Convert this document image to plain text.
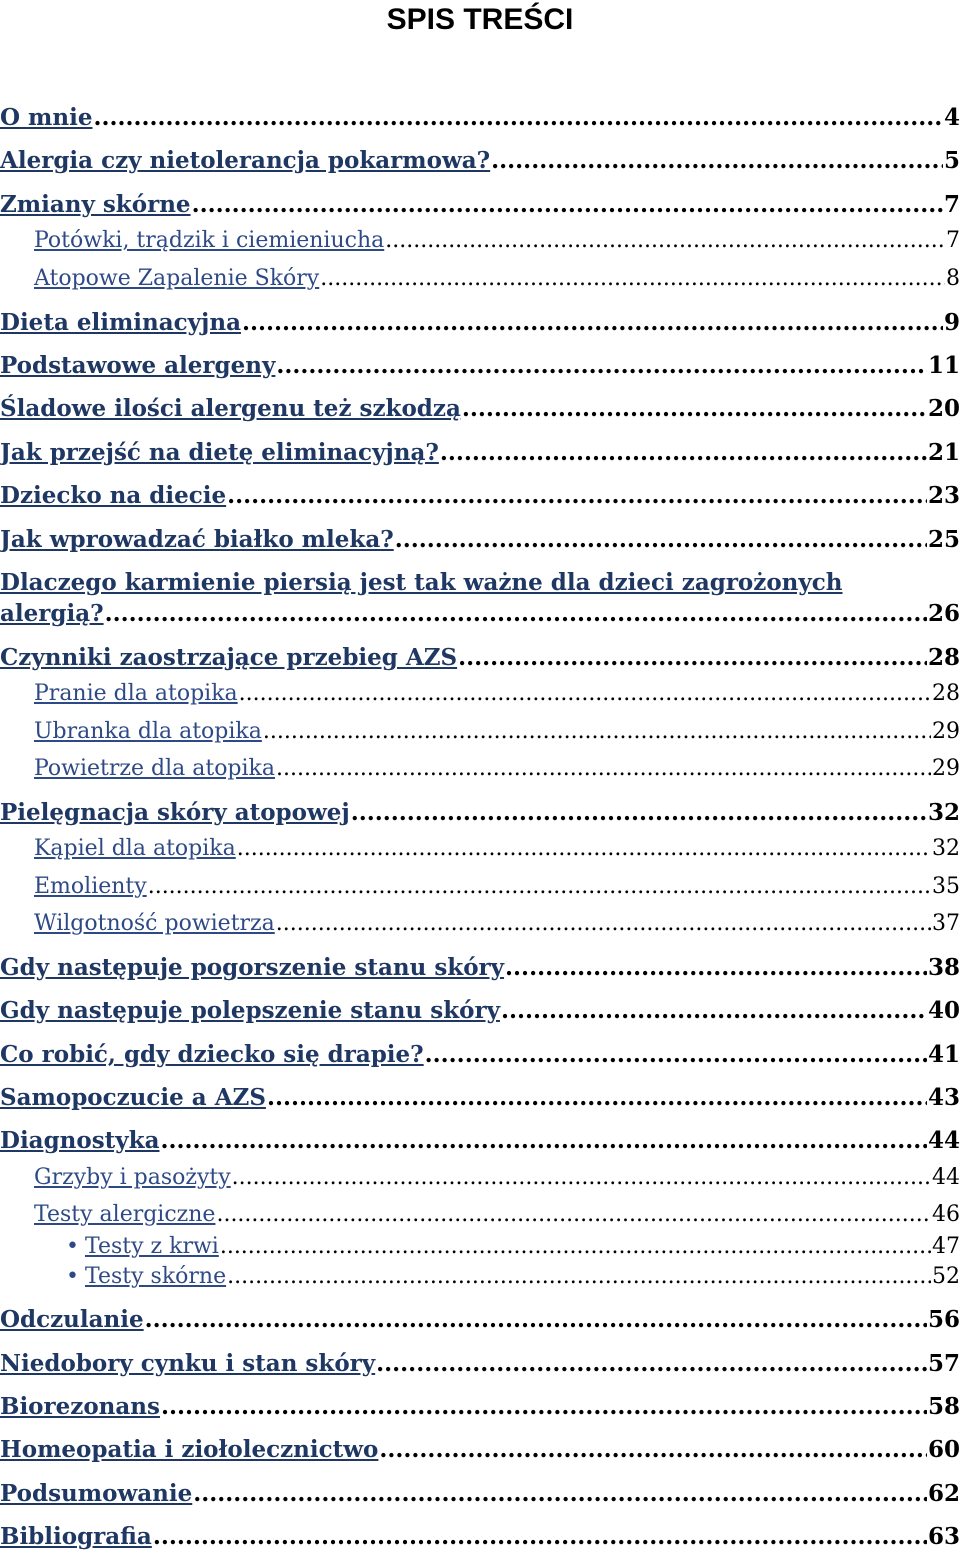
SPIS TREŚCI
O mnie .....	4
Alergia czy nietolerancja pokarmowa? .....	5
Zmiany skórne .....	7
Potówki, trądzik i ciemieniucha .....	7
Atopowe Zapalenie Skóry .....	8
Dieta eliminacyjna .....	9
Podstawowe alergeny .....	11
Śladowe ilości alergenu też szkodzą .....	20
Jak przejść na dietę eliminacyjną? .....	21
Dziecko na diecie .....	23
Jak wprowadzać białko mleka? .....	25
Dlaczego karmienie piersią jest tak ważne dla dzieci zagrożonych
alergią? .....	26
Czynniki zaostrzające przebieg AZS .....	28
Pranie dla atopika .....	28
Ubranka dla atopika .....	29
Powietrze dla atopika .....	29
Pielęgnacja skóry atopowej .....	32
Kąpiel dla atopika .....	32
Emolienty .....	35
Wilgotność powietrza .....	37
Gdy następuje pogorszenie stanu skóry .....	38
Gdy następuje polepszenie stanu skóry .....	40
Co robić, gdy dziecko się drapie? .....	41
Samopoczucie a AZS .....	43
Diagnostyka .....	44
Grzyby i pasożyty .....	44
Testy alergiczne .....	46
• Testy z krwi .....	47
• Testy skórne .....	52
Odczulanie .....	56
Niedobory cynku i stan skóry .....	57
Biorezonans .....	58
Homeopatia i ziołolecznictwo .....	60
Podsumowanie .....	62
Bibliografia .....	63
